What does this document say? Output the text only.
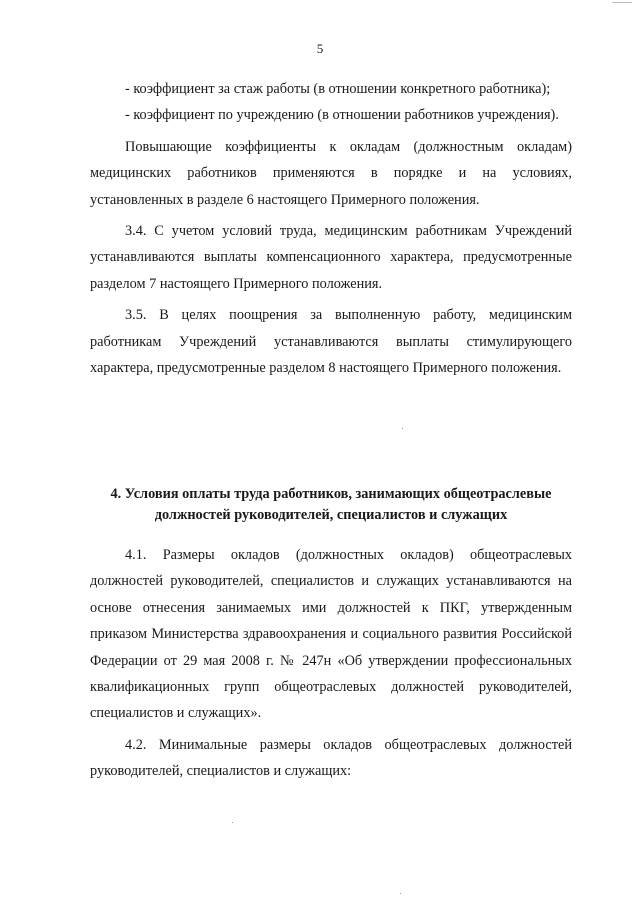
5

- коэффициент за стаж работы (в отношении конкретного работника);

- коэффициент по учреждению (в отношении работников учреждения).

Повышающие коэффициенты к окладам (должностным окладам) медицинских работников применяются в порядке и на условиях, установленных в разделе 6 настоящего Примерного положения.

3.4. С учетом условий труда, медицинским работникам Учреждений устанавливаются выплаты компенсационного характера, предусмотренные разделом 7 настоящего Примерного положения.

3.5. В целях поощрения за выполненную работу, медицинским работникам Учреждений устанавливаются выплаты стимулирующего характера, предусмотренные разделом 8 настоящего Примерного положения.

4. Условия оплаты труда работников, занимающих общеотраслевые должностей руководителей, специалистов и служащих

4.1. Размеры окладов (должностных окладов) общеотраслевых должностей руководителей, специалистов и служащих устанавливаются на основе отнесения занимаемых ими должностей к ПКГ, утвержденным приказом Министерства здравоохранения и социального развития Российской Федерации от 29 мая 2008 г. № 247н «Об утверждении профессиональных квалификационных групп общеотраслевых должностей руководителей, специалистов и служащих».

4.2. Минимальные размеры окладов общеотраслевых должностей руководителей, специалистов и служащих:
